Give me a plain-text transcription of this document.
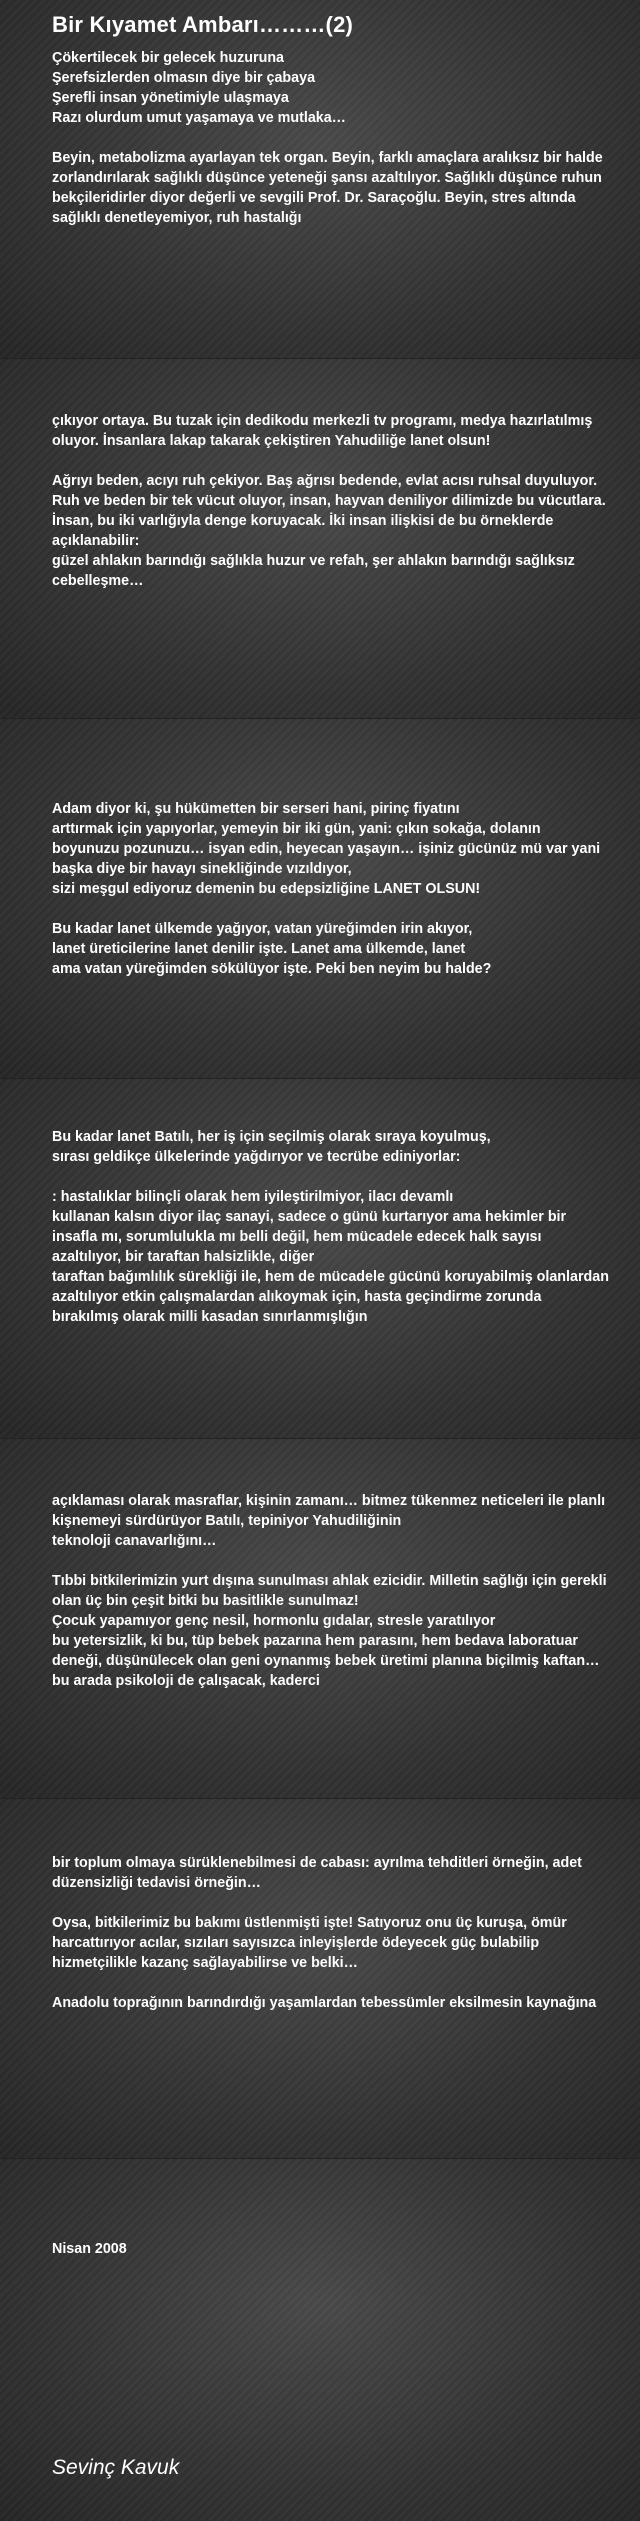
Bir Kıyamet Ambarı………(2)
Çökertilecek bir gelecek huzuruna
Şerefsizlerden olmasın diye bir çabaya
Şerefli insan yönetimiyle ulaşmaya
Razı olurdum umut yaşamaya ve mutlaka…

Beyin, metabolizma ayarlayan tek organ. Beyin, farklı amaçlara aralıksız bir halde
zorlandırılarak sağlıklı düşünce yeteneği şansı azaltılıyor. Sağlıklı düşünce ruhun bekçileridirler diyor değerli ve sevgili Prof. Dr. Saraçoğlu. Beyin, stres altında sağlıklı denetleyemiyor, ruh hastalığı
çıkıyor ortaya. Bu tuzak için dedikodu merkezli tv programı, medya hazırlatılmış oluyor. İnsanlara lakap takarak çekiştiren Yahudiliğe lanet olsun!

Ağrıyı beden, acıyı ruh çekiyor. Baş ağrısı bedende, evlat acısı ruhsal duyuluyor. Ruh ve beden bir tek vücut oluyor, insan, hayvan deniliyor dilimizde bu vücutlara. İnsan, bu iki varlığıyla denge koruyacak. İki insan ilişkisi de bu örneklerde açıklanabilir:
güzel ahlakın barındığı sağlıkla huzur ve refah, şer ahlakın barındığı sağlıksız cebelleşme…
Adam diyor ki, şu hükümetten bir serseri hani, pirinç fiyatını
arttırmak için yapıyorlar, yemeyin bir iki gün, yani: çıkın sokağa, dolanın boyunuzu pozunuzu… isyan edin, heyecan yaşayın… işiniz gücünüz mü var yani başka diye bir havayı sinekliğinde vızıldıyor,
sizi meşgul ediyoruz demenin bu edepsizliğine LANET OLSUN!

Bu kadar lanet ülkemde yağıyor, vatan yüreğimden irin akıyor,
lanet üreticilerine lanet denilir işte. Lanet ama ülkemde, lanet
ama vatan yüreğimden sökülüyor işte. Peki ben neyim bu halde?
Bu kadar lanet Batılı, her iş için seçilmiş olarak sıraya koyulmuş,
sırası geldikçe ülkelerinde yağdırıyor ve tecrübe ediniyorlar:

: hastalıklar bilinçli olarak hem iyileştirilmiyor, ilacı devamlı
kullanan kalsın diyor ilaç sanayi, sadece o günü kurtarıyor ama hekimler bir insafla mı, sorumlulukla mı belli değil, hem mücadele edecek halk sayısı azaltılıyor, bir taraftan halsizlikle, diğer
taraftan bağımlılık sürekliği ile, hem de mücadele gücünü koruyabilmiş olanlardan azaltılıyor etkin çalışmalardan alıkoymak için, hasta geçindirme zorunda bırakılmış olarak milli kasadan sınırlanmışlığın
açıklaması olarak masraflar, kişinin zamanı… bitmez tükenmez neticeleri ile planlı kişnemeyi sürdürüyor Batılı, tepiniyor Yahudiliğinin
teknoloji canavarlığını…

Tıbbi bitkilerimizin yurt dışına sunulması ahlak ezicidir. Milletin sağlığı için gerekli olan üç bin çeşit bitki bu basitlikle sunulmaz!
Çocuk yapamıyor genç nesil, hormonlu gıdalar, stresle yaratılıyor
bu yetersizlik, ki bu, tüp bebek pazarına hem parasını, hem bedava laboratuar deneği, düşünülecek olan geni oynanmış bebek üretimi planına biçilmiş kaftan… bu arada psikoloji de çalışacak, kaderci
bir toplum olmaya sürüklenebilmesi de cabası: ayrılma tehditleri örneğin, adet düzensizliği tedavisi örneğin…

Oysa, bitkilerimiz bu bakımı üstlenmişti işte! Satıyoruz onu üç kuruşa, ömür harcattırıyor acılar, sızıları sayısızca inleyişlerde ödeyecek güç bulabilip hizmetçilikle kazanç sağlayabilirse ve belki…

Anadolu toprağının barındırdığı yaşamlardan tebessümler eksilmesin kaynağına
Nisan 2008
Sevinç Kavuk
